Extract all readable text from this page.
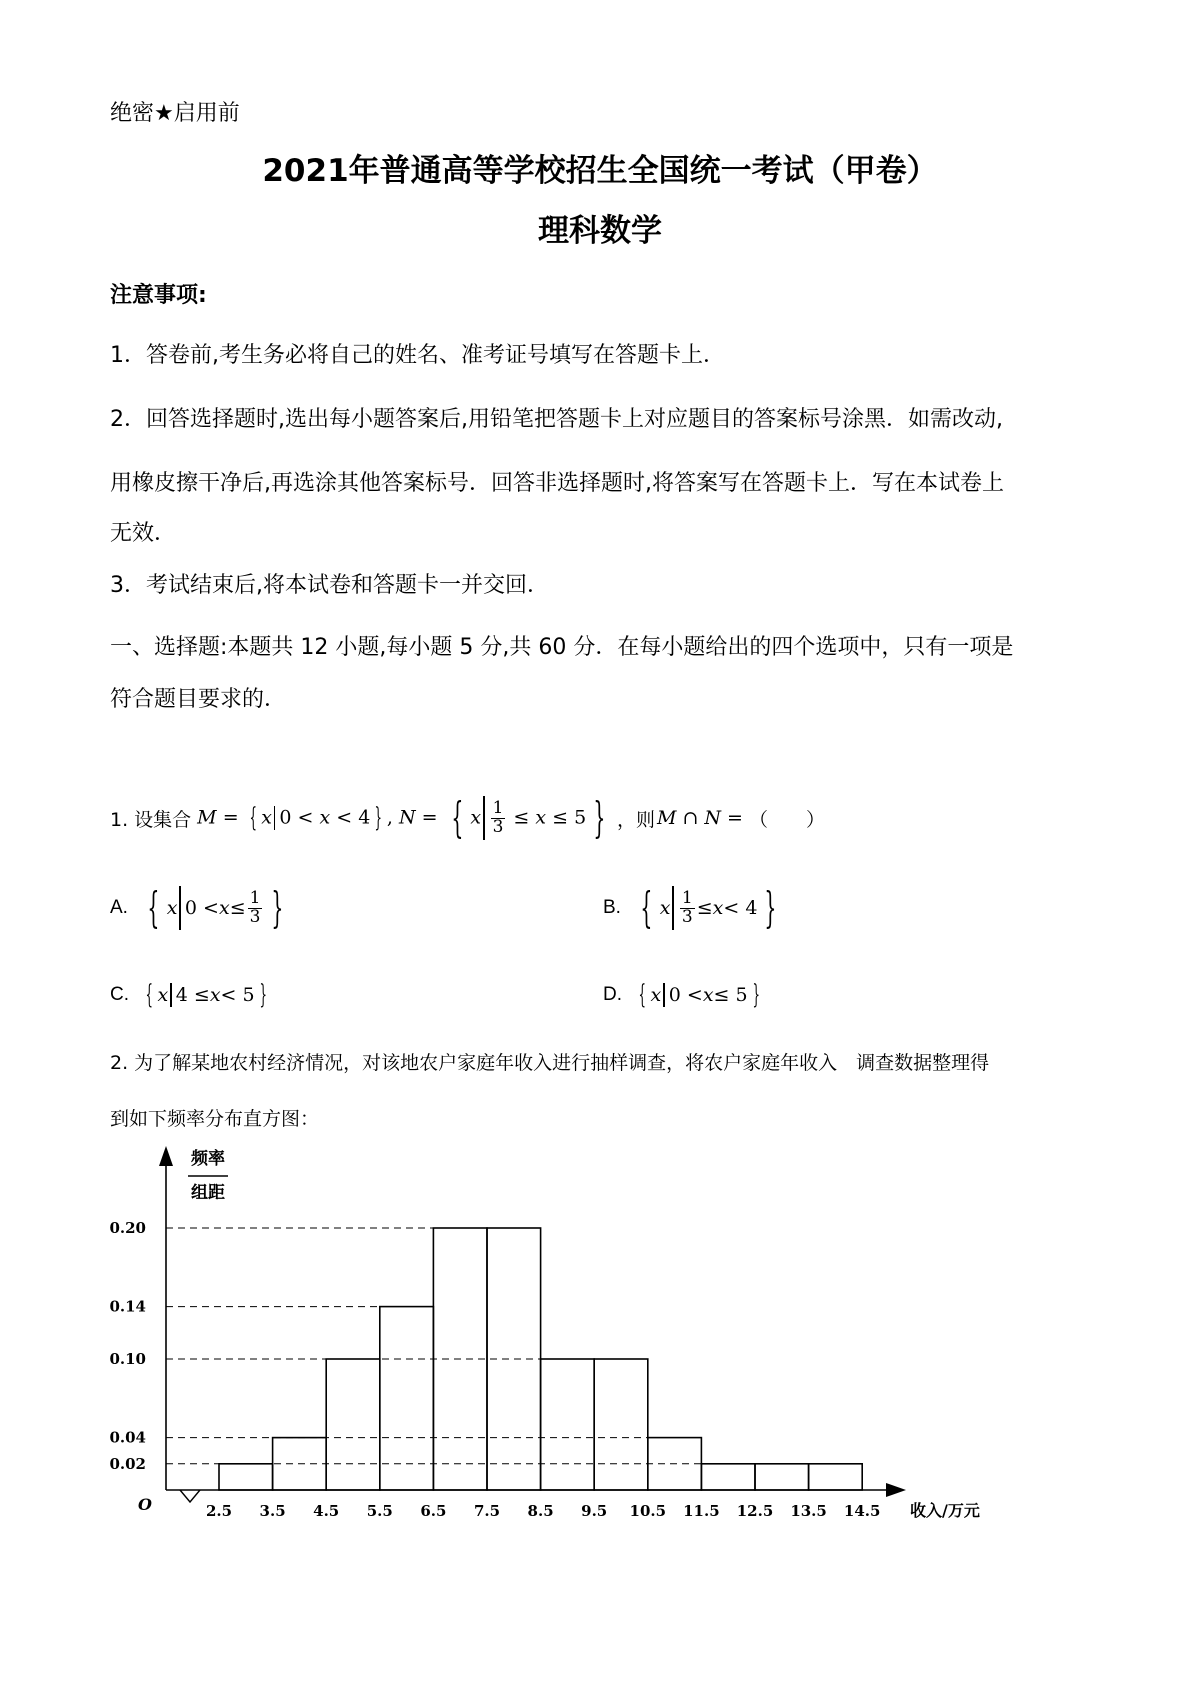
绝密★启用前
2021年普通高等学校招生全国统一考试（甲卷）
理科数学
注意事项:
1．答卷前,考生务必将自己的姓名、准考证号填写在答题卡上．
2．回答选择题时,选出每小题答案后,用铅笔把答题卡上对应题目的答案标号涂黑．如需改动,
用橡皮擦干净后,再选涂其他答案标号．回答非选择题时,将答案写在答题卡上．写在本试卷上
无效．
3．考试结束后,将本试卷和答题卡一并交回．
一、选择题:本题共 12 小题,每小题 5 分,共 60 分．在每小题给出的四个选项中，只有一项是
符合题目要求的．
1. 设集合 M = { x 0 < x < 4 } , N = { x $\frac{1}{3} \le x \le 5$ } ，则 M ∩ N = （　　）
A. { x $0 < x \le \frac{1}{3}$ }	B. { x $\frac{1}{3} \le x < 4$ }
C. { x 4 ≤ x < 5 }	D. { x 0 < x ≤ 5 }
2. 为了解某地农村经济情况，对该地农户家庭年收入进行抽样调查，将农户家庭年收入　调查数据整理得
到如下频率分布直方图：
频率
组距
O	收入/万元
0.20
0.14
0.10
0.04
0.02
2.5 3.5 4.5 5.5 6.5 7.5 8.5 9.5 10.5 11.5 12.5 13.5 14.5
